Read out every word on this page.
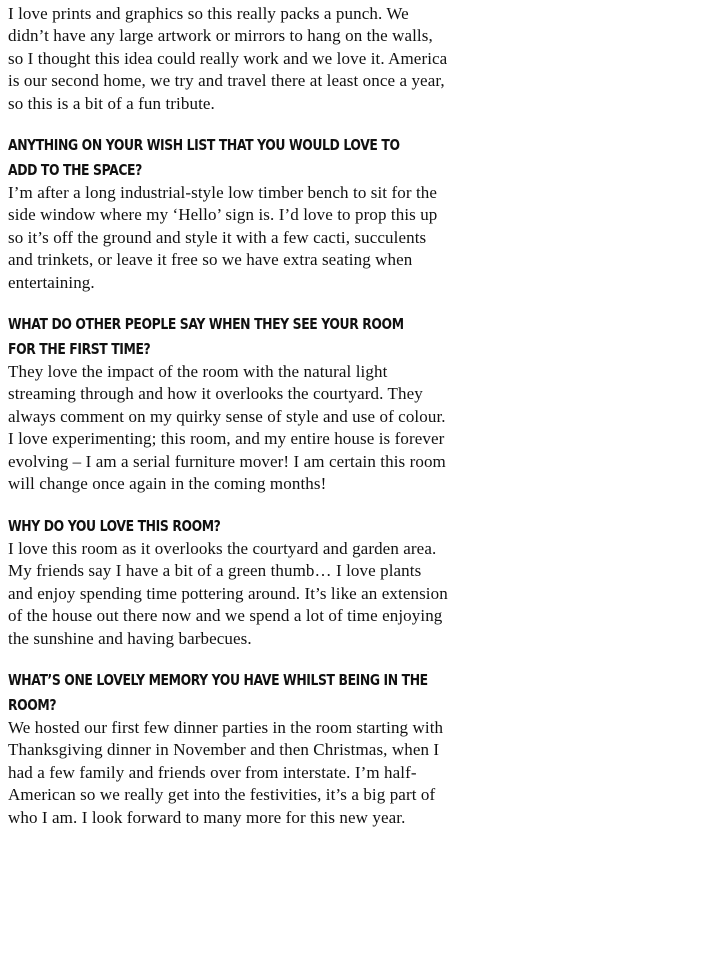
I love prints and graphics so this really packs a punch. We didn’t have any large artwork or mirrors to hang on the walls, so I thought this idea could really work and we love it. America is our second home, we try and travel there at least once a year, so this is a bit of a fun tribute.

ANYTHING ON YOUR WISH LIST THAT YOU WOULD LOVE TO ADD TO THE SPACE?

I’m after a long industrial-style low timber bench to sit for the side window where my ‘Hello’ sign is. I’d love to prop this up so it’s off the ground and style it with a few cacti, succulents and trinkets, or leave it free so we have extra seating when entertaining.

WHAT DO OTHER PEOPLE SAY WHEN THEY SEE YOUR ROOM FOR THE FIRST TIME?

They love the impact of the room with the natural light streaming through and how it overlooks the courtyard. They always comment on my quirky sense of style and use of colour. I love experimenting; this room, and my entire house is forever evolving – I am a serial furniture mover! I am certain this room will change once again in the coming months!

WHY DO YOU LOVE THIS ROOM?

I love this room as it overlooks the courtyard and garden area. My friends say I have a bit of a green thumb… I love plants and enjoy spending time pottering around. It’s like an extension of the house out there now and we spend a lot of time enjoying the sunshine and having barbecues.

WHAT’S ONE LOVELY MEMORY YOU HAVE WHILST BEING IN THE ROOM?

We hosted our first few dinner parties in the room starting with Thanksgiving dinner in November and then Christmas, when I had a few family and friends over from interstate. I’m half-American so we really get into the festivities, it’s a big part of who I am. I look forward to many more for this new year.
